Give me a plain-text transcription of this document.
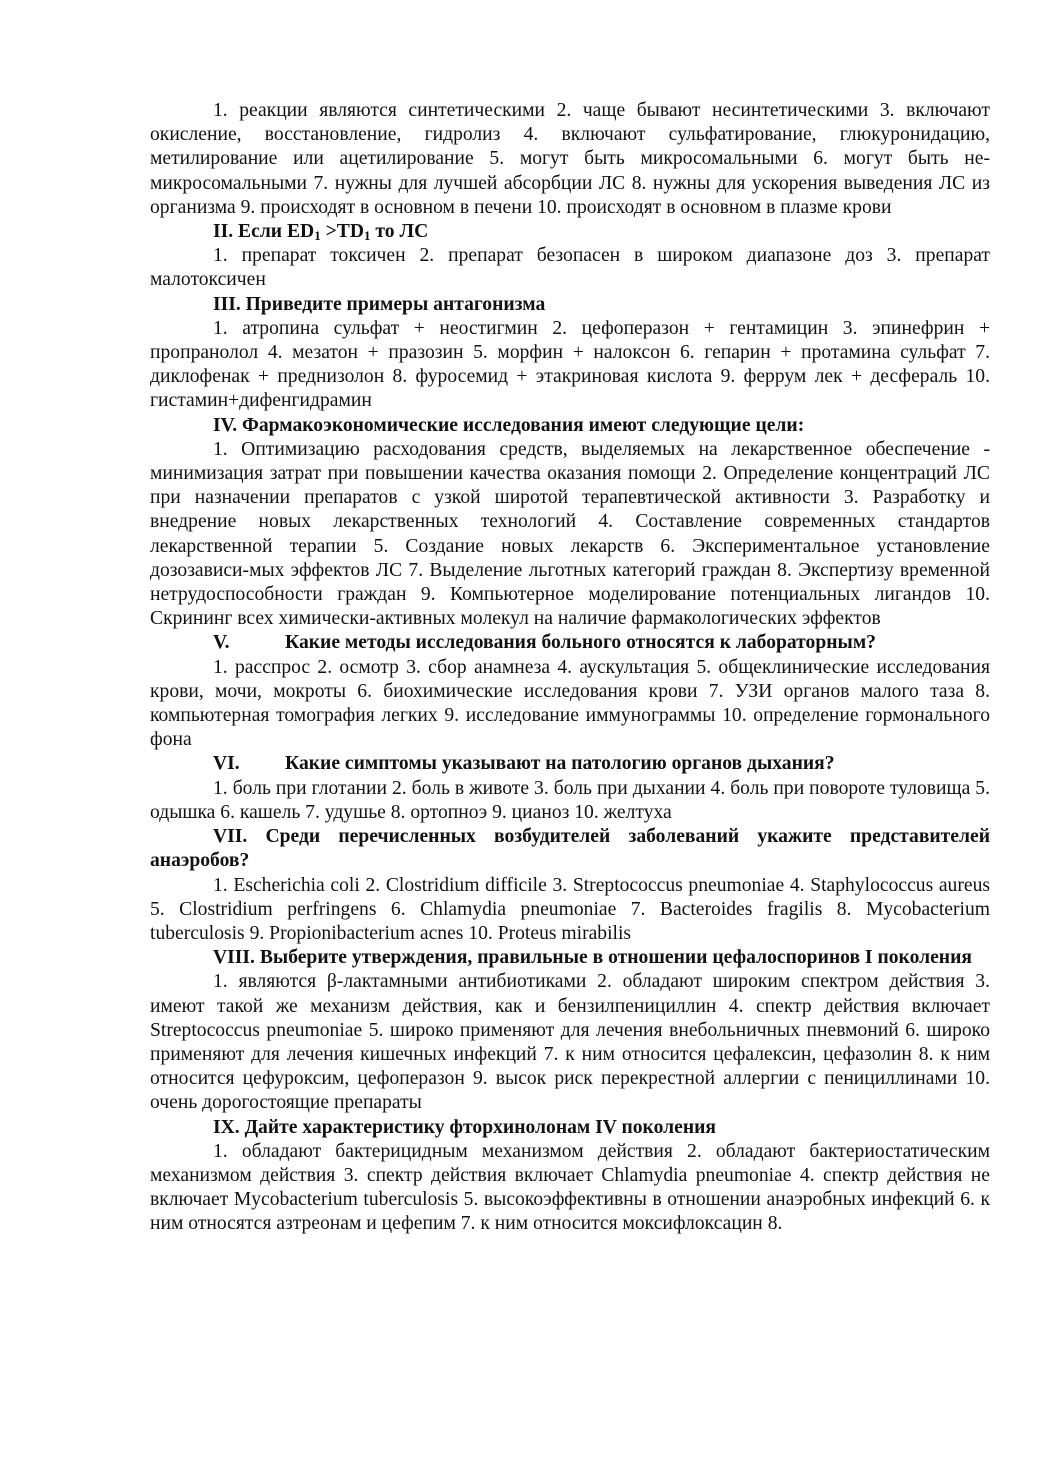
1. реакции являются синтетическими 2. чаще бывают несинтетическими 3. включают окисление, восстановление, гидролиз 4. включают сульфатирование, глюкуронидацию, метилирование или ацетилирование 5. могут быть микросомальными 6. могут быть не-микросомальными 7. нужны для лучшей абсорбции ЛС 8. нужны для ускорения выведения ЛС из организма 9. происходят в основном в печени 10. происходят в основном в плазме крови

II. Если $ED_1 >TD_1$ то ЛС

1. препарат токсичен 2. препарат безопасен в широком диапазоне доз 3. препарат малотоксичен

III. Приведите примеры антагонизма

1. атропина сульфат + неостигмин 2. цефоперазон + гентамицин 3. эпинефрин + пропранолол 4. мезатон + празозин 5. морфин + налоксон 6. гепарин + протамина сульфат 7. диклофенак + преднизолон 8. фуросемид + этакриновая кислота 9. феррум лек + десфераль 10. гистамин+дифенгидрамин

IV. Фармакоэкономические исследования имеют следующие цели:

1. Оптимизацию расходования средств, выделяемых на лекарственное обеспечение - минимизация затрат при повышении качества оказания помощи 2. Определение концентраций ЛС при назначении препаратов с узкой широтой терапевтической активности 3. Разработку и внедрение новых лекарственных технологий 4. Составление современных стандартов лекарственной терапии 5. Создание новых лекарств 6. Экспериментальное установление дозозависи-мых эффектов ЛС 7. Выделение льготных категорий граждан 8. Экспертизу временной нетрудоспособности граждан 9. Компьютерное моделирование потенциальных лигандов 10. Скрининг всех химически-активных молекул на наличие фармакологических эффектов

V.	Какие методы исследования больного относятся к лабораторным?

1. расспрос 2. осмотр 3. сбор анамнеза 4. аускультация 5. общеклинические исследования крови, мочи, мокроты 6. биохимические исследования крови 7. УЗИ органов малого таза 8. компьютерная томография легких 9. исследование иммунограммы 10. определение гормонального фона

VI. Какие симптомы указывают на патологию органов дыхания?

1. боль при глотании 2. боль в животе 3. боль при дыхании 4. боль при повороте туловища 5. одышка 6. кашель 7. удушье 8. ортопноэ 9. цианоз 10. желтуха

VII. Среди перечисленных возбудителей заболеваний укажите представителей анаэробов?

1. Escherichia coli 2. Clostridium difficile 3. Streptococcus pneumoniae 4. Staphylococcus aureus 5. Clostridium perfringens 6. Chlamydia pneumoniae 7. Bacteroides fragilis 8. Mycobacterium tuberculosis 9. Propionibacterium acnes 10. Proteus mirabilis

VIII. Выберите утверждения, правильные в отношении цефалоспоринов I поколения

1. являются β-лактамными антибиотиками 2. обладают широким спектром действия 3. имеют такой же механизм действия, как и бензилпенициллин 4. спектр действия включает Streptococcus pneumoniae 5. широко применяют для лечения внебольничных пневмоний 6. широко применяют для лечения кишечных инфекций 7. к ним относится цефалексин, цефазолин 8. к ним относится цефуроксим, цефоперазон 9. высок риск перекрестной аллергии с пенициллинами 10. очень дорогостоящие препараты

IX. Дайте характеристику фторхинолонам IV поколения

1. обладают бактерицидным механизмом действия 2. обладают бактериостатическим механизмом действия 3. спектр действия включает Chlamydia pneumoniae 4. спектр действия не включает Mycobacterium tuberculosis 5. высокоэффективны в отношении анаэробных инфекций 6. к ним относятся азтреонам и цефепим 7. к ним относится моксифлоксацин 8.
